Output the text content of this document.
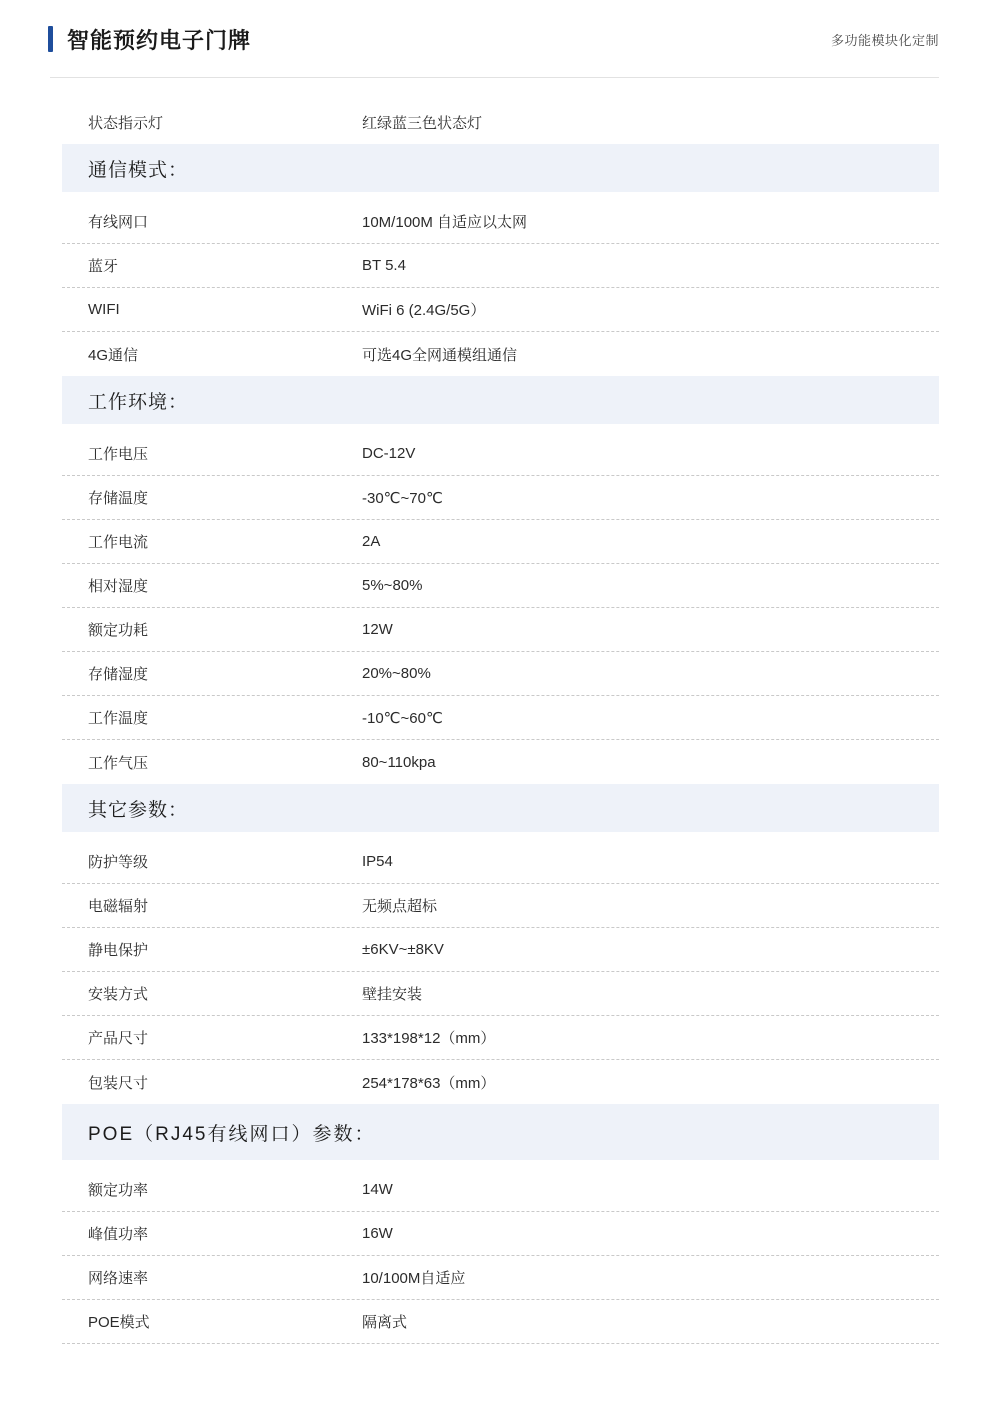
智能预约电子门牌	多功能模块化定制
状态指示灯	红绿蓝三色状态灯
通信模式：
有线网口	10M/100M 自适应以太网
蓝牙	BT 5.4
WIFI	WiFi 6 (2.4G/5G）
4G通信	可选4G全网通模组通信
工作环境：
工作电压	DC-12V
存储温度	-30℃~70℃
工作电流	2A
相对湿度	5%~80%
额定功耗	12W
存储湿度	20%~80%
工作温度	-10℃~60℃
工作气压	80~110kpa
其它参数：
防护等级	IP54
电磁辐射	无频点超标
静电保护	±6KV~±8KV
安装方式	壁挂安装
产品尺寸	133*198*12（mm）
包装尺寸	254*178*63（mm）
POE（RJ45有线网口）参数：
额定功率	14W
峰值功率	16W
网络速率	10/100M自适应
POE模式	隔离式
